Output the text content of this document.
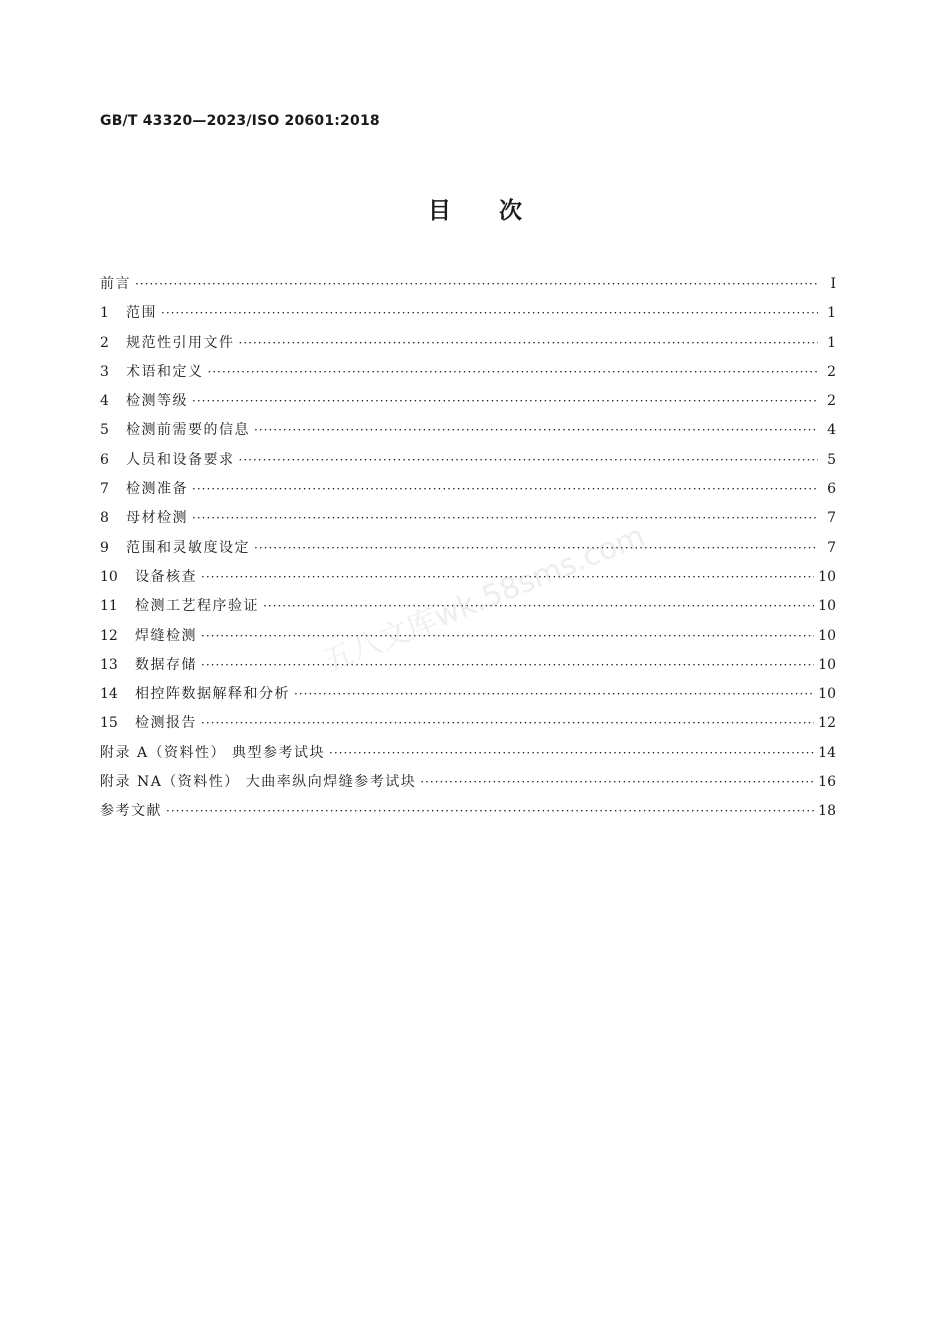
GB/T 43320—2023/ISO 20601:2018
目次
前言 ·····	Ⅰ
1	范围 ·····	1
2	规范性引用文件 ·····	1
3	术语和定义 ·····	2
4	检测等级 ·····	2
5	检测前需要的信息 ·····	4
6	人员和设备要求 ·····	5
7	检测准备 ·····	6
8	母材检测 ·····	7
9	范围和灵敏度设定 ·····	7
10	设备核查 ·····	10
11	检测工艺程序验证 ·····	10
12	焊缝检测 ·····	10
13	数据存储 ·····	10
14	相控阵数据解释和分析 ·····	10
15	检测报告 ·····	12
附录 A（资料性） 典型参考试块 ·····	14
附录 NA（资料性） 大曲率纵向焊缝参考试块 ·····	16
参考文献 ·····	18
五八文库wk.58sms.com
